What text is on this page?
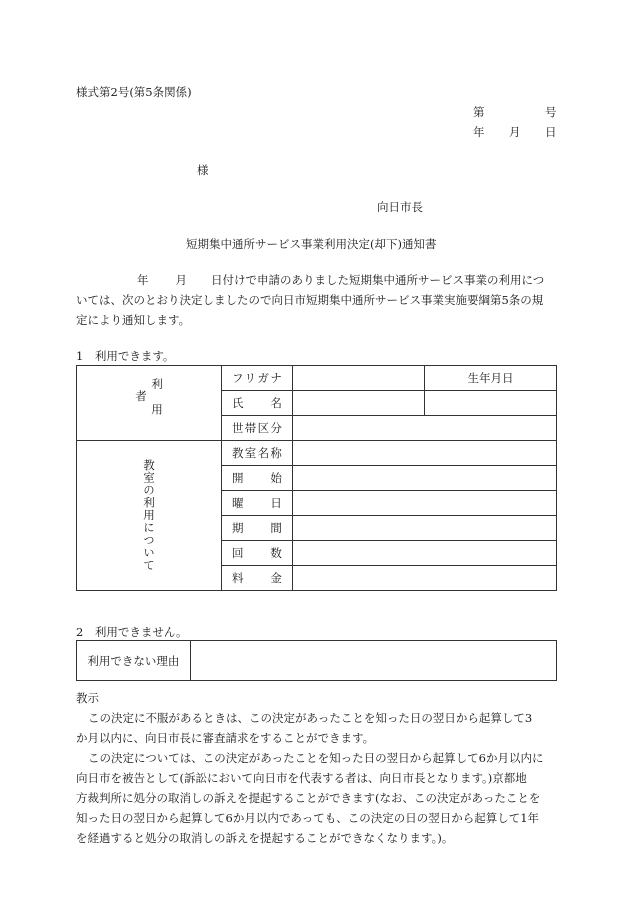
様式第2号(第5条関係)
第	号
年 月 日
様
向日市長
短期集中通所サービス事業利用決定(却下)通知書
年 月 日付けで申請のありました短期集中通所サービス事業の利用につ
いては、次のとおり決定しましたので向日市短期集中通所サービス事業実施要綱第5条の規
定により通知します。
1　利用できます。
利用者	フリガナ		生年月日
	氏　名		
	世帯区分		

教室の利用について	教室名称		
	開　始		
	曜　日		
	期　間		
	回　数		
	料　金		
2　利用できません。
利用できない理由	
教示
この決定に不服があるときは、この決定があったことを知った日の翌日から起算して3
か月以内に、向日市長に審査請求をすることができます。
この決定については、この決定があったことを知った日の翌日から起算して6か月以内に
向日市を被告として(訴訟において向日市を代表する者は、向日市長となります。)京都地
方裁判所に処分の取消しの訴えを提起することができます(なお、この決定があったことを
知った日の翌日から起算して6か月以内であっても、この決定の日の翌日から起算して1年
を経過すると処分の取消しの訴えを提起することができなくなります。)。
